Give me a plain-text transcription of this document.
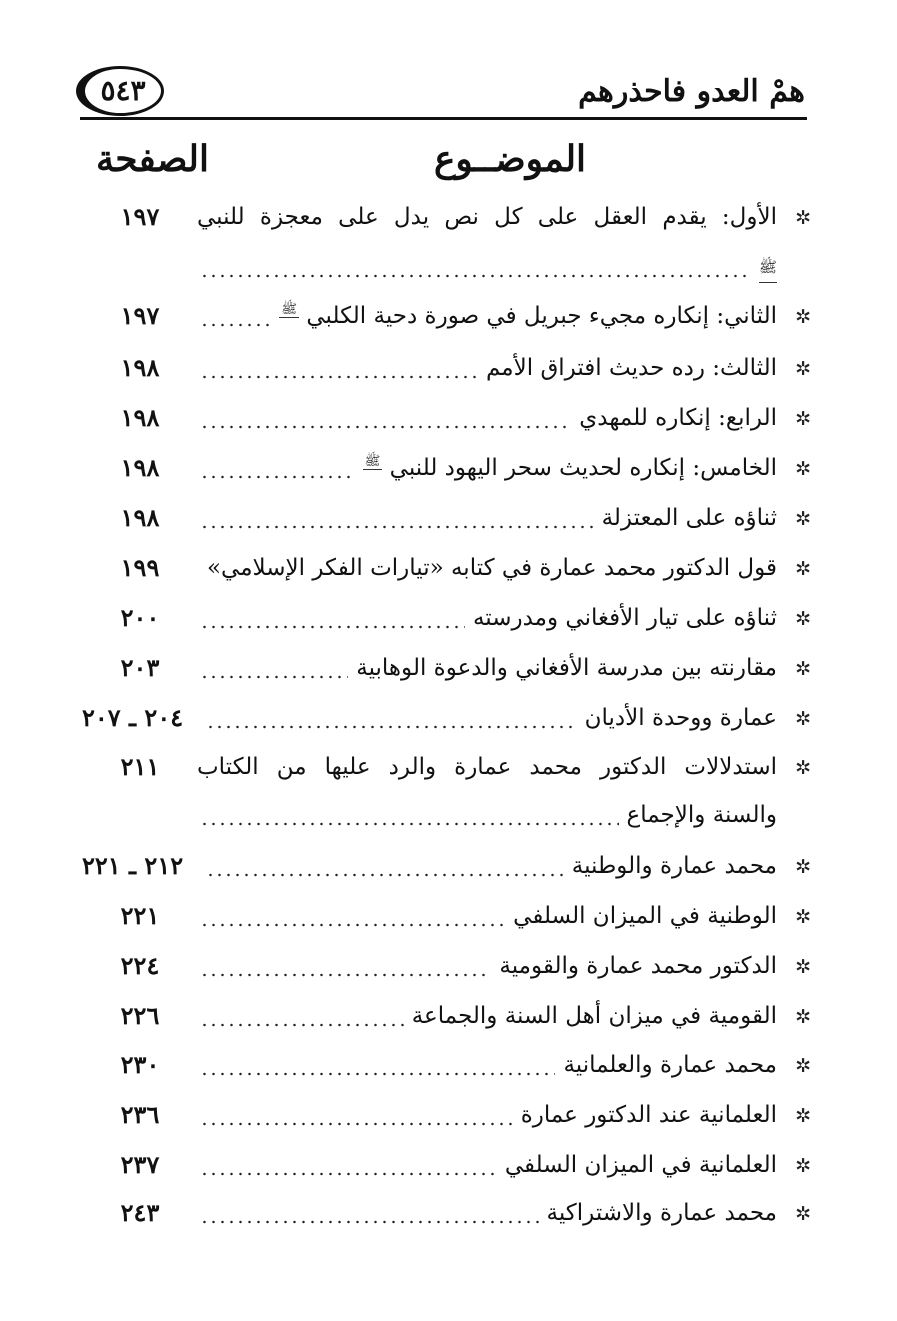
همْ العدو فاحذرهم
٥٤٣
الموضــوع
الصفحة
✲
الأول: يقدم العقل على كل نص يدل على معجزة للنبي
١٩٧
ﷺ
✲
الثاني: إنكاره مجيء جبريل في صورة دحية الكلبي ﷺ
١٩٧
✲
الثالث: رده حديث افتراق الأمم
١٩٨
✲
الرابع: إنكاره للمهدي
١٩٨
✲
الخامس: إنكاره لحديث سحر اليهود للنبي ﷺ
١٩٨
✲
ثناؤه على المعتزلة
١٩٨
✲
قول الدكتور محمد عمارة في كتابه «تيارات الفكر الإسلامي»
١٩٩
✲
ثناؤه على تيار الأفغاني ومدرسته
٢٠٠
✲
مقارنته بين مدرسة الأفغاني والدعوة الوهابية
٢٠٣
✲
عمارة ووحدة الأديان
٢٠٤ ـ ٢٠٧
✲
استدلالات الدكتور محمد عمارة والرد عليها من الكتاب
٢١١
والسنة والإجماع
✲
محمد عمارة والوطنية
٢١٢ ـ ٢٢١
✲
الوطنية في الميزان السلفي
٢٢١
✲
الدكتور محمد عمارة والقومية
٢٢٤
✲
القومية في ميزان أهل السنة والجماعة
٢٢٦
✲
محمد عمارة والعلمانية
٢٣٠
✲
العلمانية عند الدكتور عمارة
٢٣٦
✲
العلمانية في الميزان السلفي
٢٣٧
✲
محمد عمارة والاشتراكية
٢٤٣
